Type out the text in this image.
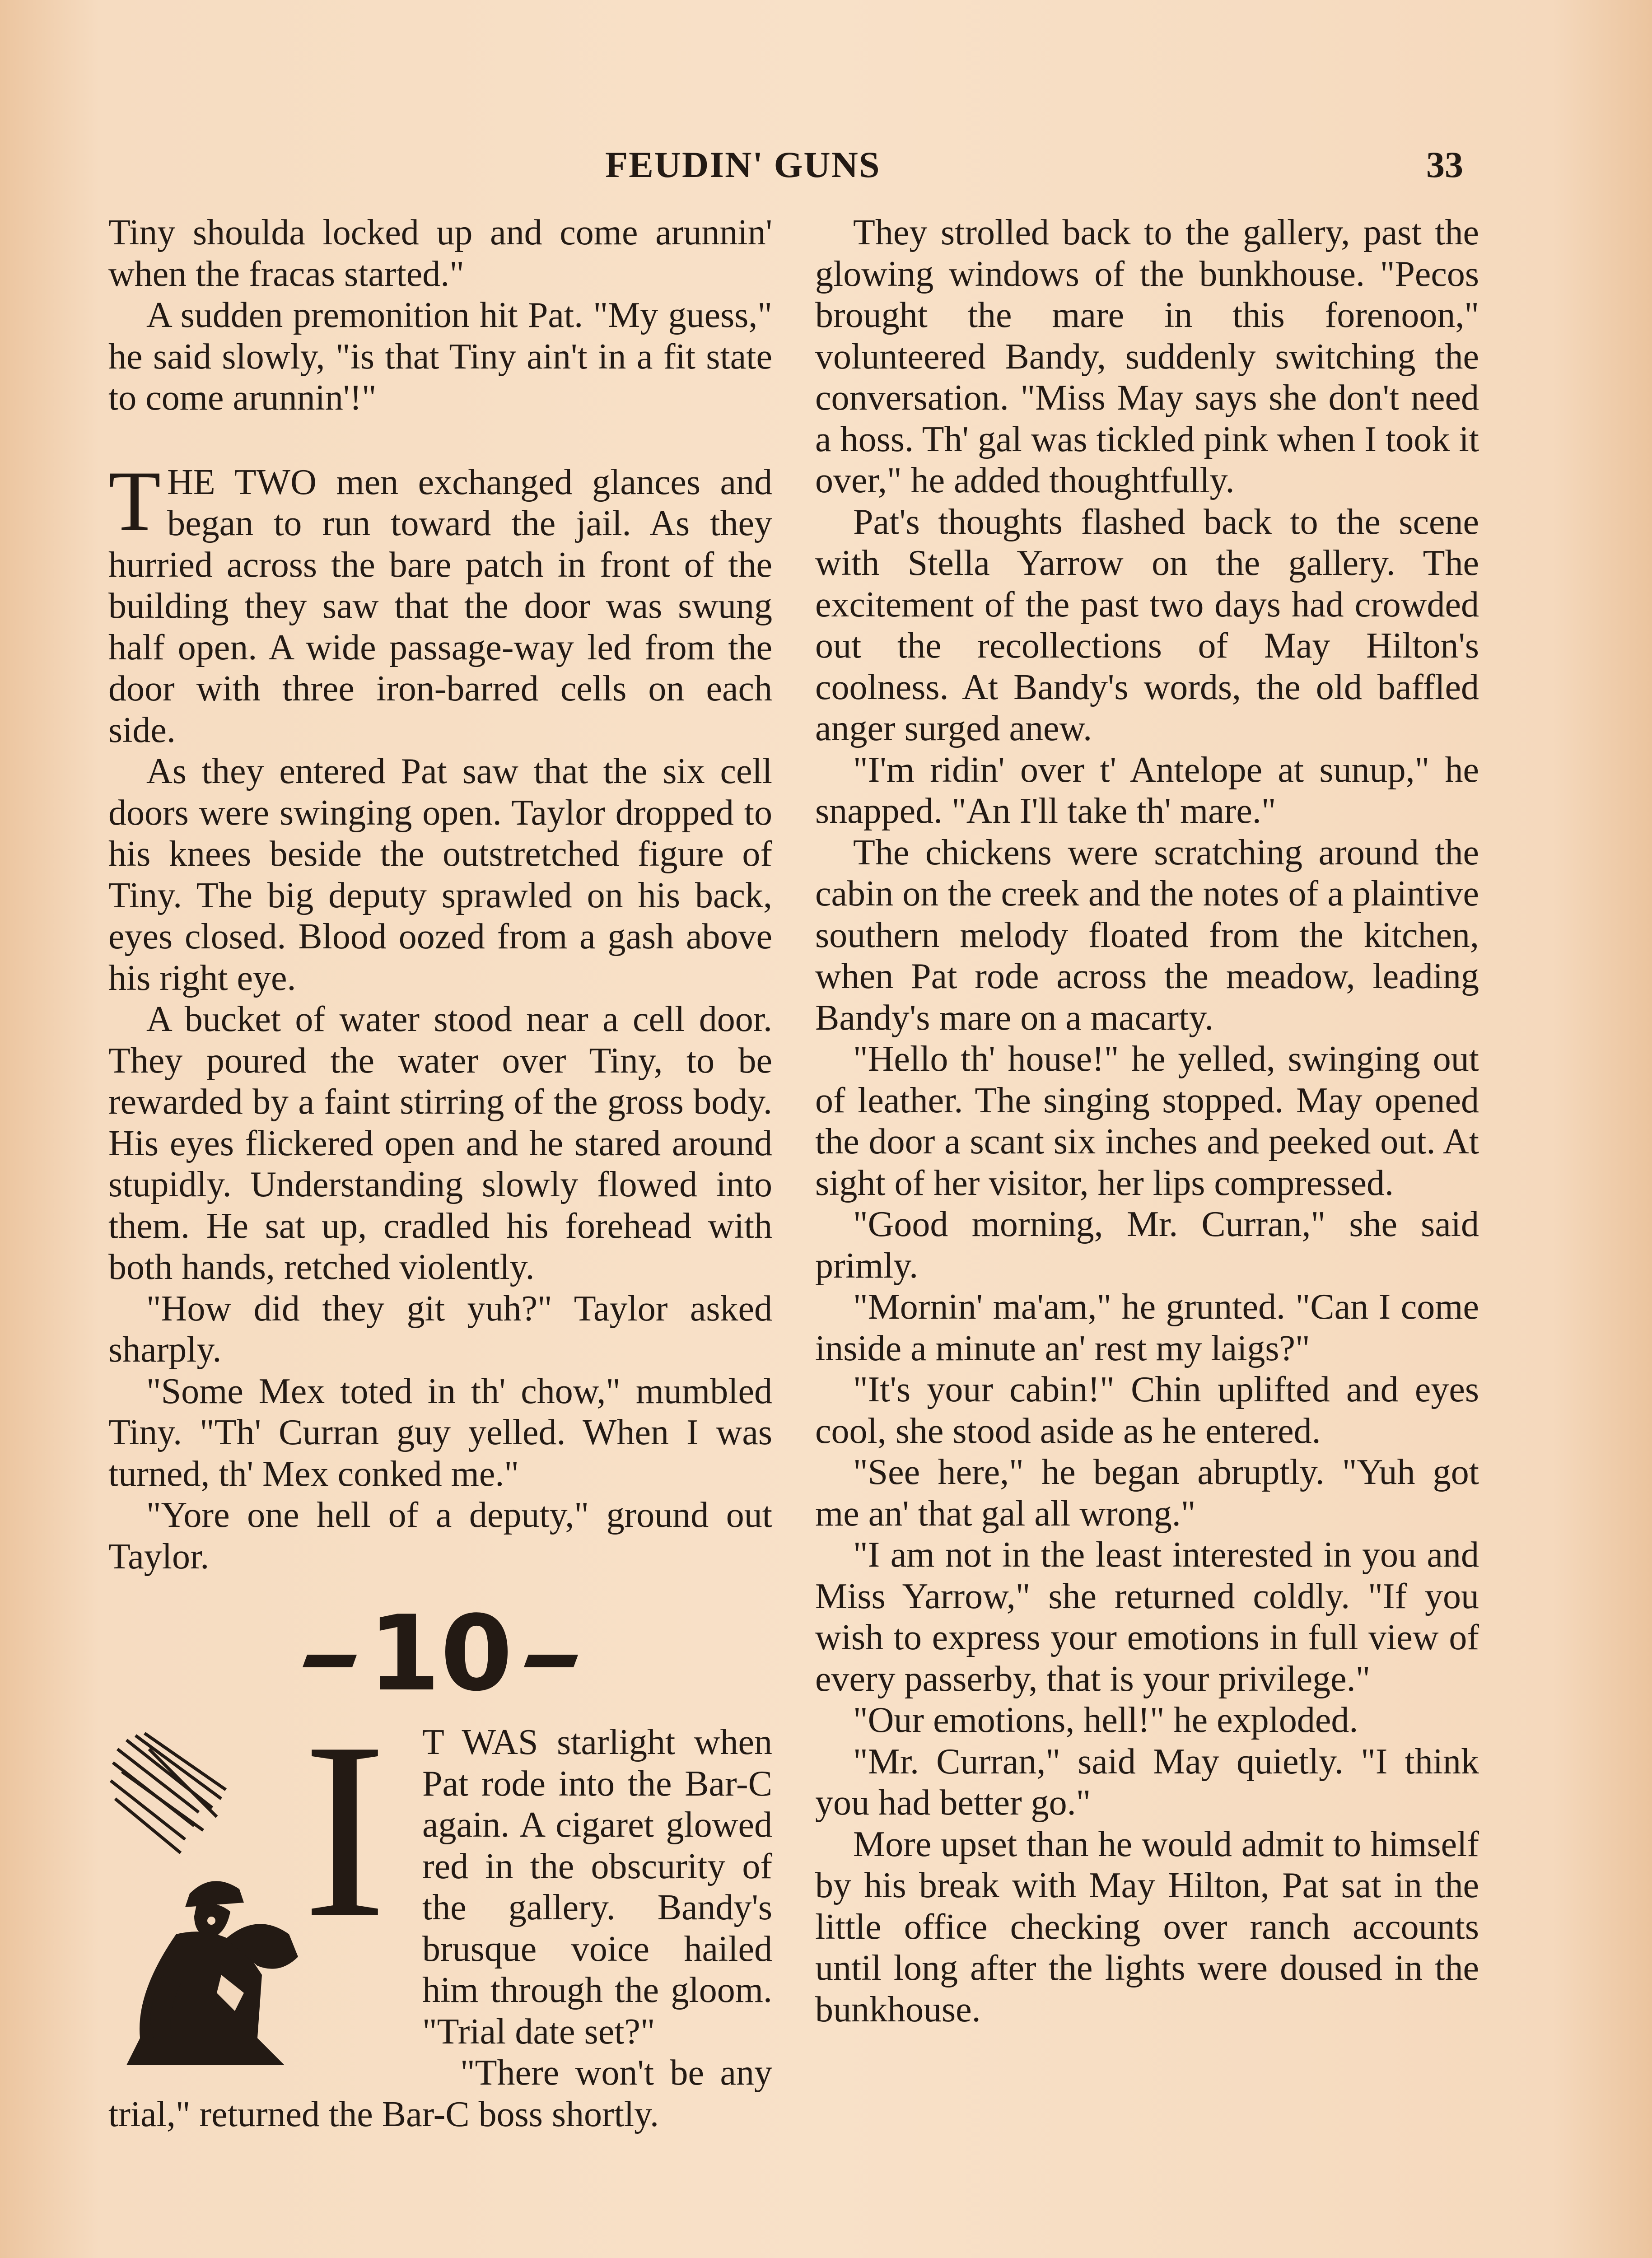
FEUDIN' GUNS	33

Tiny shoulda locked up and come arunnin' when the fracas started."

A sudden premonition hit Pat. "My guess," he said slowly, "is that Tiny ain't in a fit state to come arunnin'!"

THE TWO men exchanged glances and began to run toward the jail. As they hurried across the bare patch in front of the building they saw that the door was swung half open. A wide passage-way led from the door with three iron-barred cells on each side.

As they entered Pat saw that the six cell doors were swinging open. Taylor dropped to his knees beside the outstretched figure of Tiny. The big deputy sprawled on his back, eyes closed. Blood oozed from a gash above his right eye.

A bucket of water stood near a cell door. They poured the water over Tiny, to be rewarded by a faint stirring of the gross body. His eyes flickered open and he stared around stupidly. Understanding slowly flowed into them. He sat up, cradled his forehead with both hands, retched violently.

"How did they git yuh?" Taylor asked sharply.

"Some Mex toted in th' chow," mumbled Tiny. "Th' Curran guy yelled. When I was turned, th' Mex conked me."

"Yore one hell of a deputy," ground out Taylor.

10
I T WAS starlight when Pat rode into the Bar-C again. A cigaret glowed red in the obscurity of the gallery. Bandy's brusque voice hailed him through the gloom. "Trial date set?"

"There won't be any trial," returned the Bar-C boss shortly.

They strolled back to the gallery, past the glowing windows of the bunkhouse. "Pecos brought the mare in this forenoon," volunteered Bandy, suddenly switching the conversation. "Miss May says she don't need a hoss. Th' gal was tickled pink when I took it over," he added thoughtfully.

Pat's thoughts flashed back to the scene with Stella Yarrow on the gallery. The excitement of the past two days had crowded out the recollections of May Hilton's coolness. At Bandy's words, the old baffled anger surged anew.

"I'm ridin' over t' Antelope at sunup," he snapped. "An I'll take th' mare."

The chickens were scratching around the cabin on the creek and the notes of a plaintive southern melody floated from the kitchen, when Pat rode across the meadow, leading Bandy's mare on a macarty.

"Hello th' house!" he yelled, swinging out of leather. The singing stopped. May opened the door a scant six inches and peeked out. At sight of her visitor, her lips compressed.

"Good morning, Mr. Curran," she said primly.

"Mornin' ma'am," he grunted. "Can I come inside a minute an' rest my laigs?"

"It's your cabin!" Chin uplifted and eyes cool, she stood aside as he entered.

"See here," he began abruptly. "Yuh got me an' that gal all wrong."

"I am not in the least interested in you and Miss Yarrow," she returned coldly. "If you wish to express your emotions in full view of every passerby, that is your privilege."

"Our emotions, hell!" he exploded.

"Mr. Curran," said May quietly. "I think you had better go."

More upset than he would admit to himself by his break with May Hilton, Pat sat in the little office checking over ranch accounts until long after the lights were doused in the bunkhouse.
